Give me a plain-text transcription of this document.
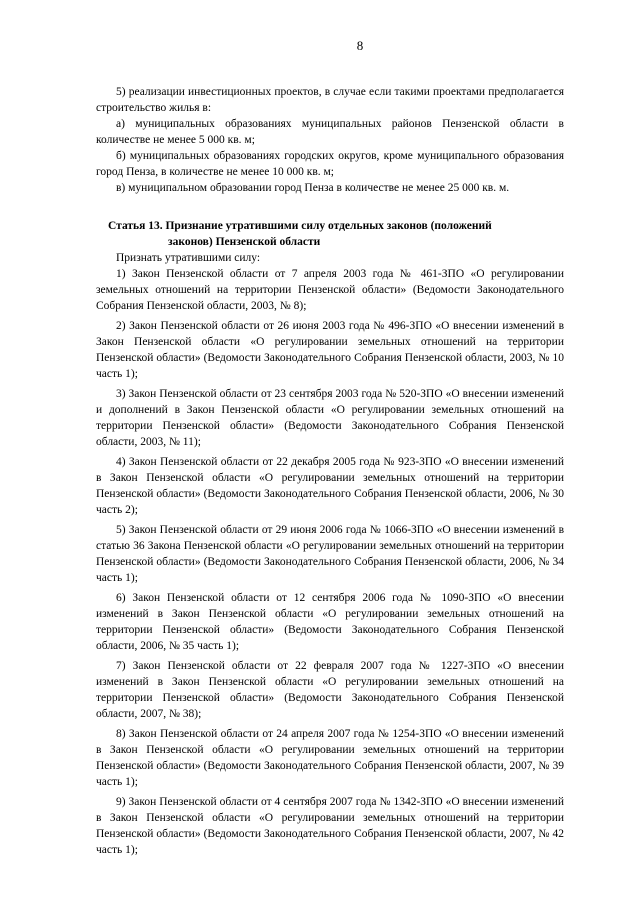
8

5) реализации инвестиционных проектов, в случае если такими проектами предполагается строительство жилья в:

а) муниципальных образованиях муниципальных районов Пензенской области в количестве не менее 5 000 кв. м;

б) муниципальных образованиях городских округов, кроме муниципального образования город Пенза, в количестве не менее 10 000 кв. м;

в) муниципальном образовании город Пенза в количестве не менее 25 000 кв. м.

Статья 13. Признание утратившими силу отдельных законов (положений
законов) Пензенской области

Признать утратившими силу:

1) Закон Пензенской области от 7 апреля 2003 года № 461-ЗПО «О регулировании земельных отношений на территории Пензенской области» (Ведомости Законодательного Собрания Пензенской области, 2003, № 8);

2) Закон Пензенской области от 26 июня 2003 года № 496-ЗПО «О внесении изменений в Закон Пензенской области «О регулировании земельных отношений на территории Пензенской области» (Ведомости Законодательного Собрания Пензенской области, 2003, № 10 часть 1);

3) Закон Пензенской области от 23 сентября 2003 года № 520-ЗПО «О внесении изменений и дополнений в Закон Пензенской области «О регулировании земельных отношений на территории Пензенской области» (Ведомости Законодательного Собрания Пензенской области, 2003, № 11);

4) Закон Пензенской области от 22 декабря 2005 года № 923-ЗПО «О внесении изменений в Закон Пензенской области «О регулировании земельных отношений на территории Пензенской области» (Ведомости Законодательного Собрания Пензенской области, 2006, № 30 часть 2);

5) Закон Пензенской области от 29 июня 2006 года № 1066-ЗПО «О внесении изменений в статью 36 Закона Пензенской области «О регулировании земельных отношений на территории Пензенской области» (Ведомости Законодательного Собрания Пензенской области, 2006, № 34 часть 1);

6) Закон Пензенской области от 12 сентября 2006 года № 1090-ЗПО «О внесении изменений в Закон Пензенской области «О регулировании земельных отношений на территории Пензенской области» (Ведомости Законодательного Собрания Пензенской области, 2006, № 35 часть 1);

7) Закон Пензенской области от 22 февраля 2007 года № 1227-ЗПО «О внесении изменений в Закон Пензенской области «О регулировании земельных отношений на территории Пензенской области» (Ведомости Законодательного Собрания Пензенской области, 2007, № 38);

8) Закон Пензенской области от 24 апреля 2007 года № 1254-ЗПО «О внесении изменений в Закон Пензенской области «О регулировании земельных отношений на территории Пензенской области» (Ведомости Законодательного Собрания Пензенской области, 2007, № 39 часть 1);

9) Закон Пензенской области от 4 сентября 2007 года № 1342-ЗПО «О внесении изменений в Закон Пензенской области «О регулировании земельных отношений на территории Пензенской области» (Ведомости Законодательного Собрания Пензенской области, 2007, № 42 часть 1);
